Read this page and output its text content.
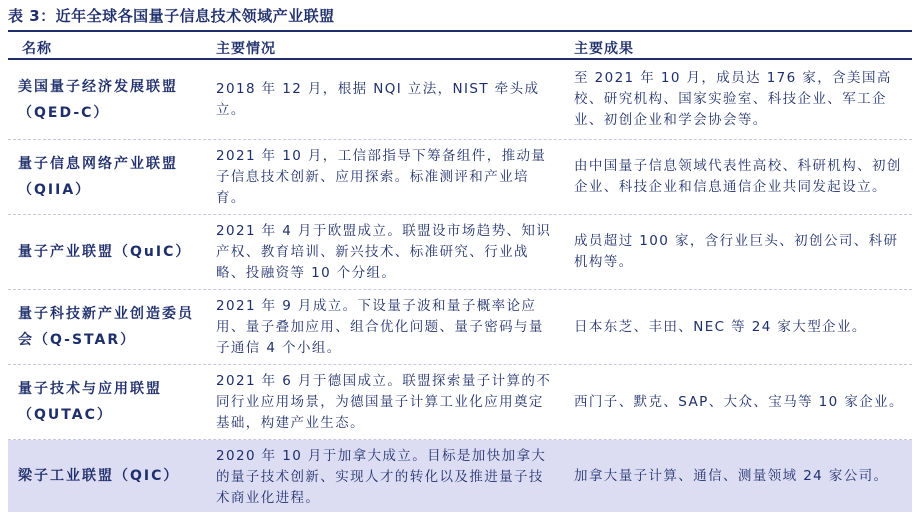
表 3：近年全球各国量子信息技术领域产业联盟
名称	主要情况	主要成果
美国量子经济发展联盟（QED-C）
2018 年 12 月，根据 NQI 立法，NIST 牵头成立。
至 2021 年 10 月，成员达 176 家，含美国高校、研究机构、国家实验室、科技企业、军工企业、初创企业和学会协会等。
量子信息网络产业联盟（QIIA）
2021 年 10 月，工信部指导下筹备组件，推动量子信息技术创新、应用探索。标准测评和产业培育。
由中国量子信息领域代表性高校、科研机构、初创企业、科技企业和信息通信企业共同发起设立。
量子产业联盟（QuIC）
2021 年 4 月于欧盟成立。联盟设市场趋势、知识产权、教育培训、新兴技术、标准研究、行业战略、投融资等 10 个分组。
成员超过 100 家，含行业巨头、初创公司、科研机构等。
量子科技新产业创造委员会（Q-STAR）
2021 年 9 月成立。下设量子波和量子概率论应用、量子叠加应用、组合优化问题、量子密码与量子通信 4 个小组。
日本东芝、丰田、NEC 等 24 家大型企业。
量子技术与应用联盟（QUTAC）
2021 年 6 月于德国成立。联盟探索量子计算的不同行业应用场景，为德国量子计算工业化应用奠定基础，构建产业生态。
西门子、默克、SAP、大众、宝马等 10 家企业。
梁子工业联盟（QIC）
2020 年 10 月于加拿大成立。目标是加快加拿大的量子技术创新、实现人才的转化以及推进量子技术商业化进程。
加拿大量子计算、通信、测量领域 24 家公司。
